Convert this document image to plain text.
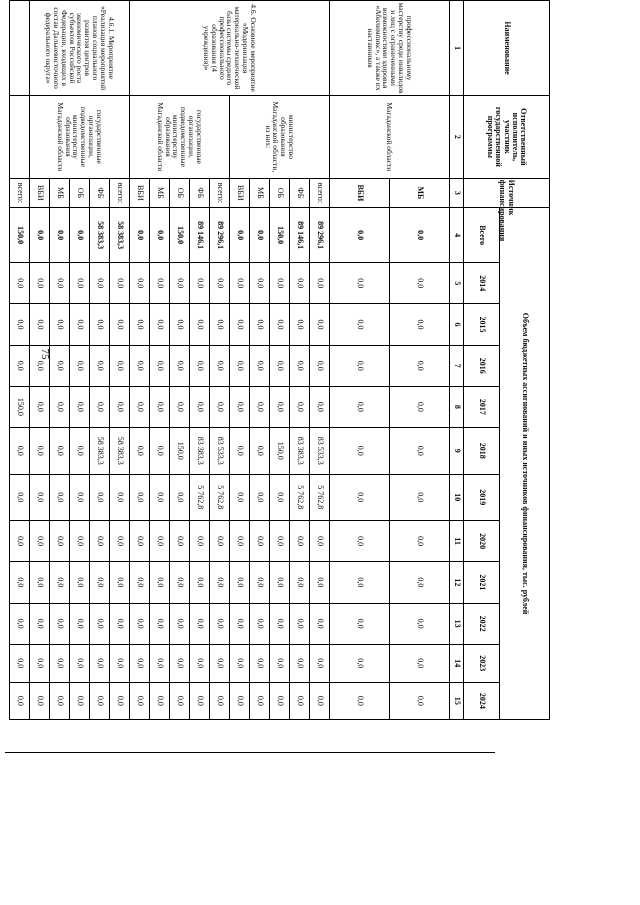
75
Наименование	Ответственный исполнитель, участник государственной программы	Источник финансирования	Объем бюджетных ассигнований и иных источников финансирования, тыс. рублей											
			Всего	2014	2015	2016	2017	2018	2019	2020	2021	2022	2023	2024
1	2	3	4	5	6	7	8	9	10	11	12	13	14	15
профессиональному мастерству среди инвалидов и лиц с ограниченными возможностями здоровья «Абилимпикс», а также их наставников	Магаданской области	МБ	0,0	0,0	0,0	0,0	0,0	0,0	0,0	0,0	0,0	0,0	0,0	0,0
		ВБИ	0,0	0,0	0,0	0,0	0,0	0,0	0,0	0,0	0,0	0,0	0,0	0,0
4.6. Основное мероприятие «Модернизация материально-технической базы системы среднего профессионального образования (4 учреждения)»	министерство образования Магаданской области, из них:	всего:	89 296,1	0,0	0,0	0,0	0,0	83 533,3	5 762,8	0,0	0,0	0,0	0,0	0,0
		ФБ	89 146,1	0,0	0,0	0,0	0,0	83 383,3	5 762,8	0,0	0,0	0,0	0,0	0,0
		ОБ	150,0	0,0	0,0	0,0	0,0	150,0	0,0	0,0	0,0	0,0	0,0	0,0
		МБ	0,0	0,0	0,0	0,0	0,0	0,0	0,0	0,0	0,0	0,0	0,0	0,0
		ВБИ	0,0	0,0	0,0	0,0	0,0	0,0	0,0	0,0	0,0	0,0	0,0	0,0
	государственные организации, подведомственные министерству образования Магаданской области	всего:	89 296,1	0,0	0,0	0,0	0,0	83 533,3	5 762,8	0,0	0,0	0,0	0,0	0,0
		ФБ	89 146,1	0,0	0,0	0,0	0,0	83 383,3	5 762,8	0,0	0,0	0,0	0,0	0,0
		ОБ	150,0	0,0	0,0	0,0	0,0	150,0	0,0	0,0	0,0	0,0	0,0	0,0
		МБ	0,0	0,0	0,0	0,0	0,0	0,0	0,0	0,0	0,0	0,0	0,0	0,0
		ВБИ	0,0	0,0	0,0	0,0	0,0	0,0	0,0	0,0	0,0	0,0	0,0	0,0
4.6.1. Мероприятие «Реализация мероприятий планов социального развития центров экономического роста субъектов Российской Федерации, входящих в состав Дальневосточного федерального округа»	государственные организации, подведомственные министерству образования Магаданской области	всего:	58 383,3	0,0	0,0	0,0	0,0	58 383,3	0,0	0,0	0,0	0,0	0,0	0,0
		ФБ	58 383,3	0,0	0,0	0,0	0,0	58 383,3	0,0	0,0	0,0	0,0	0,0	0,0
		ОБ	0,0	0,0	0,0	0,0	0,0	0,0	0,0	0,0	0,0	0,0	0,0	0,0
		МБ	0,0	0,0	0,0	0,0	0,0	0,0	0,0	0,0	0,0	0,0	0,0	0,0
		ВБИ	0,0	0,0	0,0	0,0	0,0	0,0	0,0	0,0	0,0	0,0	0,0	0,0
		всего:	150,0	0,0	0,0	0,0	150,0	0,0	0,0	0,0	0,0	0,0	0,0	0,0
